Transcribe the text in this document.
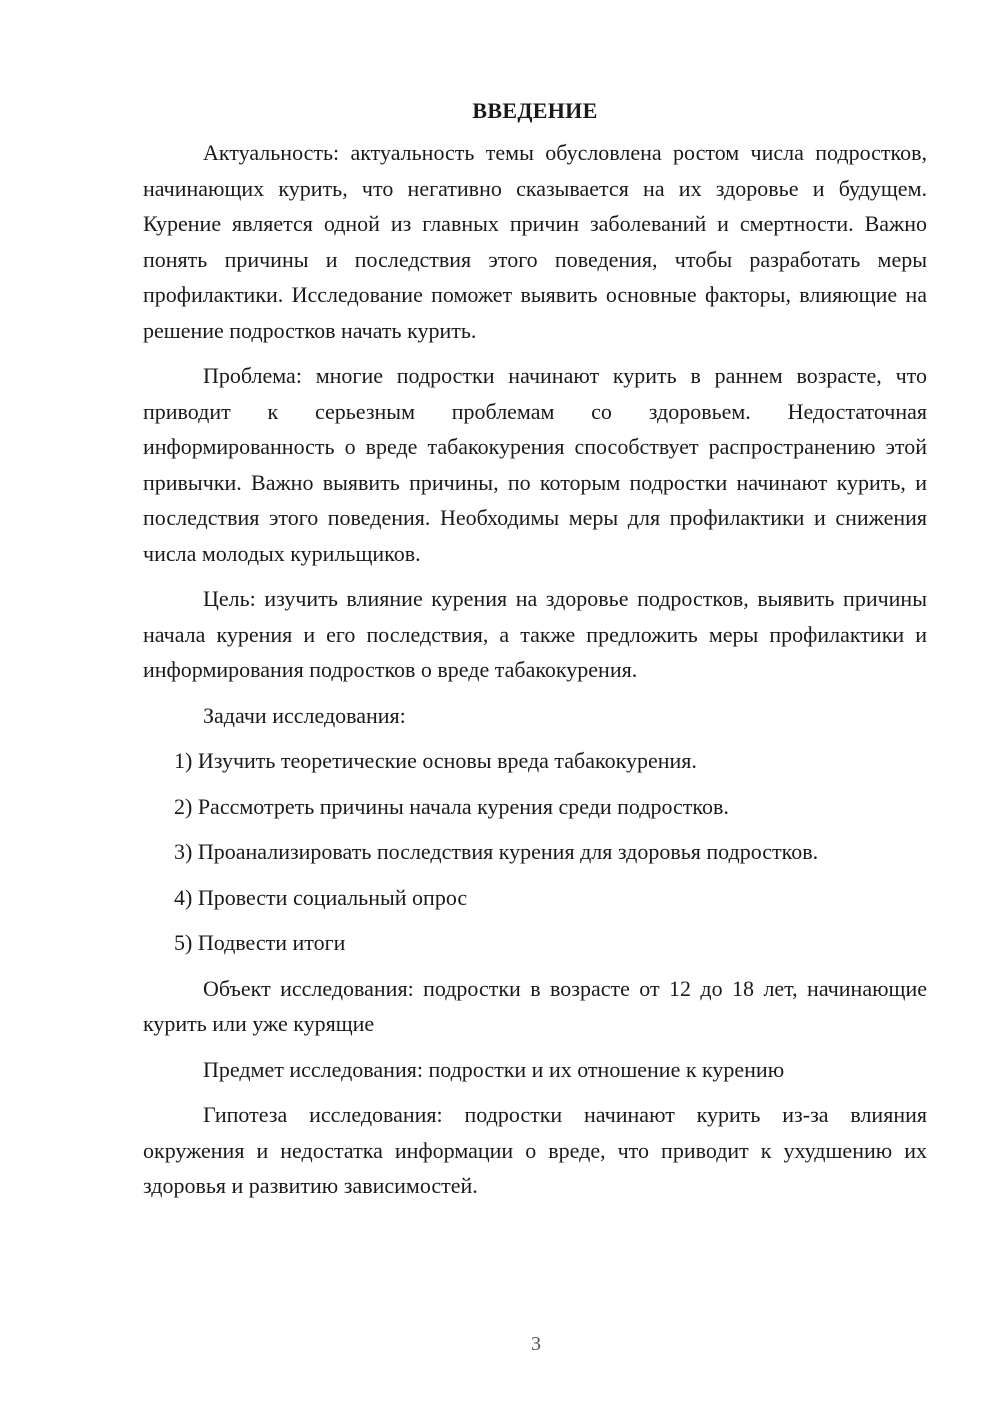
ВВЕДЕНИЕ

Актуальность: актуальность темы обусловлена ростом числа подростков, начинающих курить, что негативно сказывается на их здоровье и будущем. Курение является одной из главных причин заболеваний и смертности. Важно понять причины и последствия этого поведения, чтобы разработать меры профилактики. Исследование поможет выявить основные факторы, влияющие на решение подростков начать курить.

Проблема: многие подростки начинают курить в раннем возрасте, что приводит к серьезным проблемам со здоровьем. Недостаточная информированность о вреде табакокурения способствует распространению этой привычки. Важно выявить причины, по которым подростки начинают курить, и последствия этого поведения. Необходимы меры для профилактики и снижения числа молодых курильщиков.

Цель: изучить влияние курения на здоровье подростков, выявить причины начала курения и его последствия, а также предложить меры профилактики и информирования подростков о вреде табакокурения.

Задачи исследования:

1) Изучить теоретические основы вреда табакокурения.

2) Рассмотреть причины начала курения среди подростков.

3) Проанализировать последствия курения для здоровья подростков.

4) Провести социальный опрос

5) Подвести итоги

Объект исследования: подростки в возрасте от 12 до 18 лет, начинающие курить или уже курящие

Предмет исследования: подростки и их отношение к курению

Гипотеза исследования: подростки начинают курить из-за влияния окружения и недостатка информации о вреде, что приводит к ухудшению их здоровья и развитию зависимостей.

3
